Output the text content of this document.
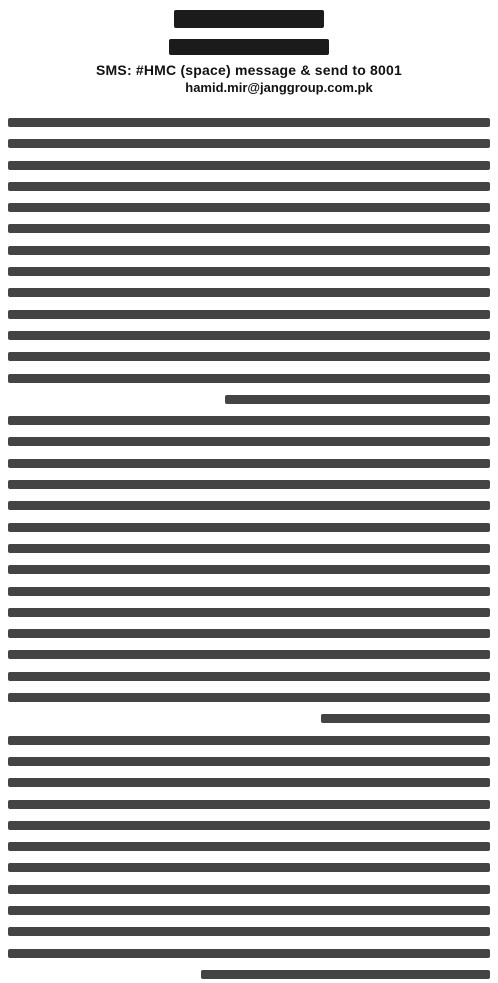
SMS: #HMC (space) message & send to 8001
hamid.mir@janggroup.com.pk
